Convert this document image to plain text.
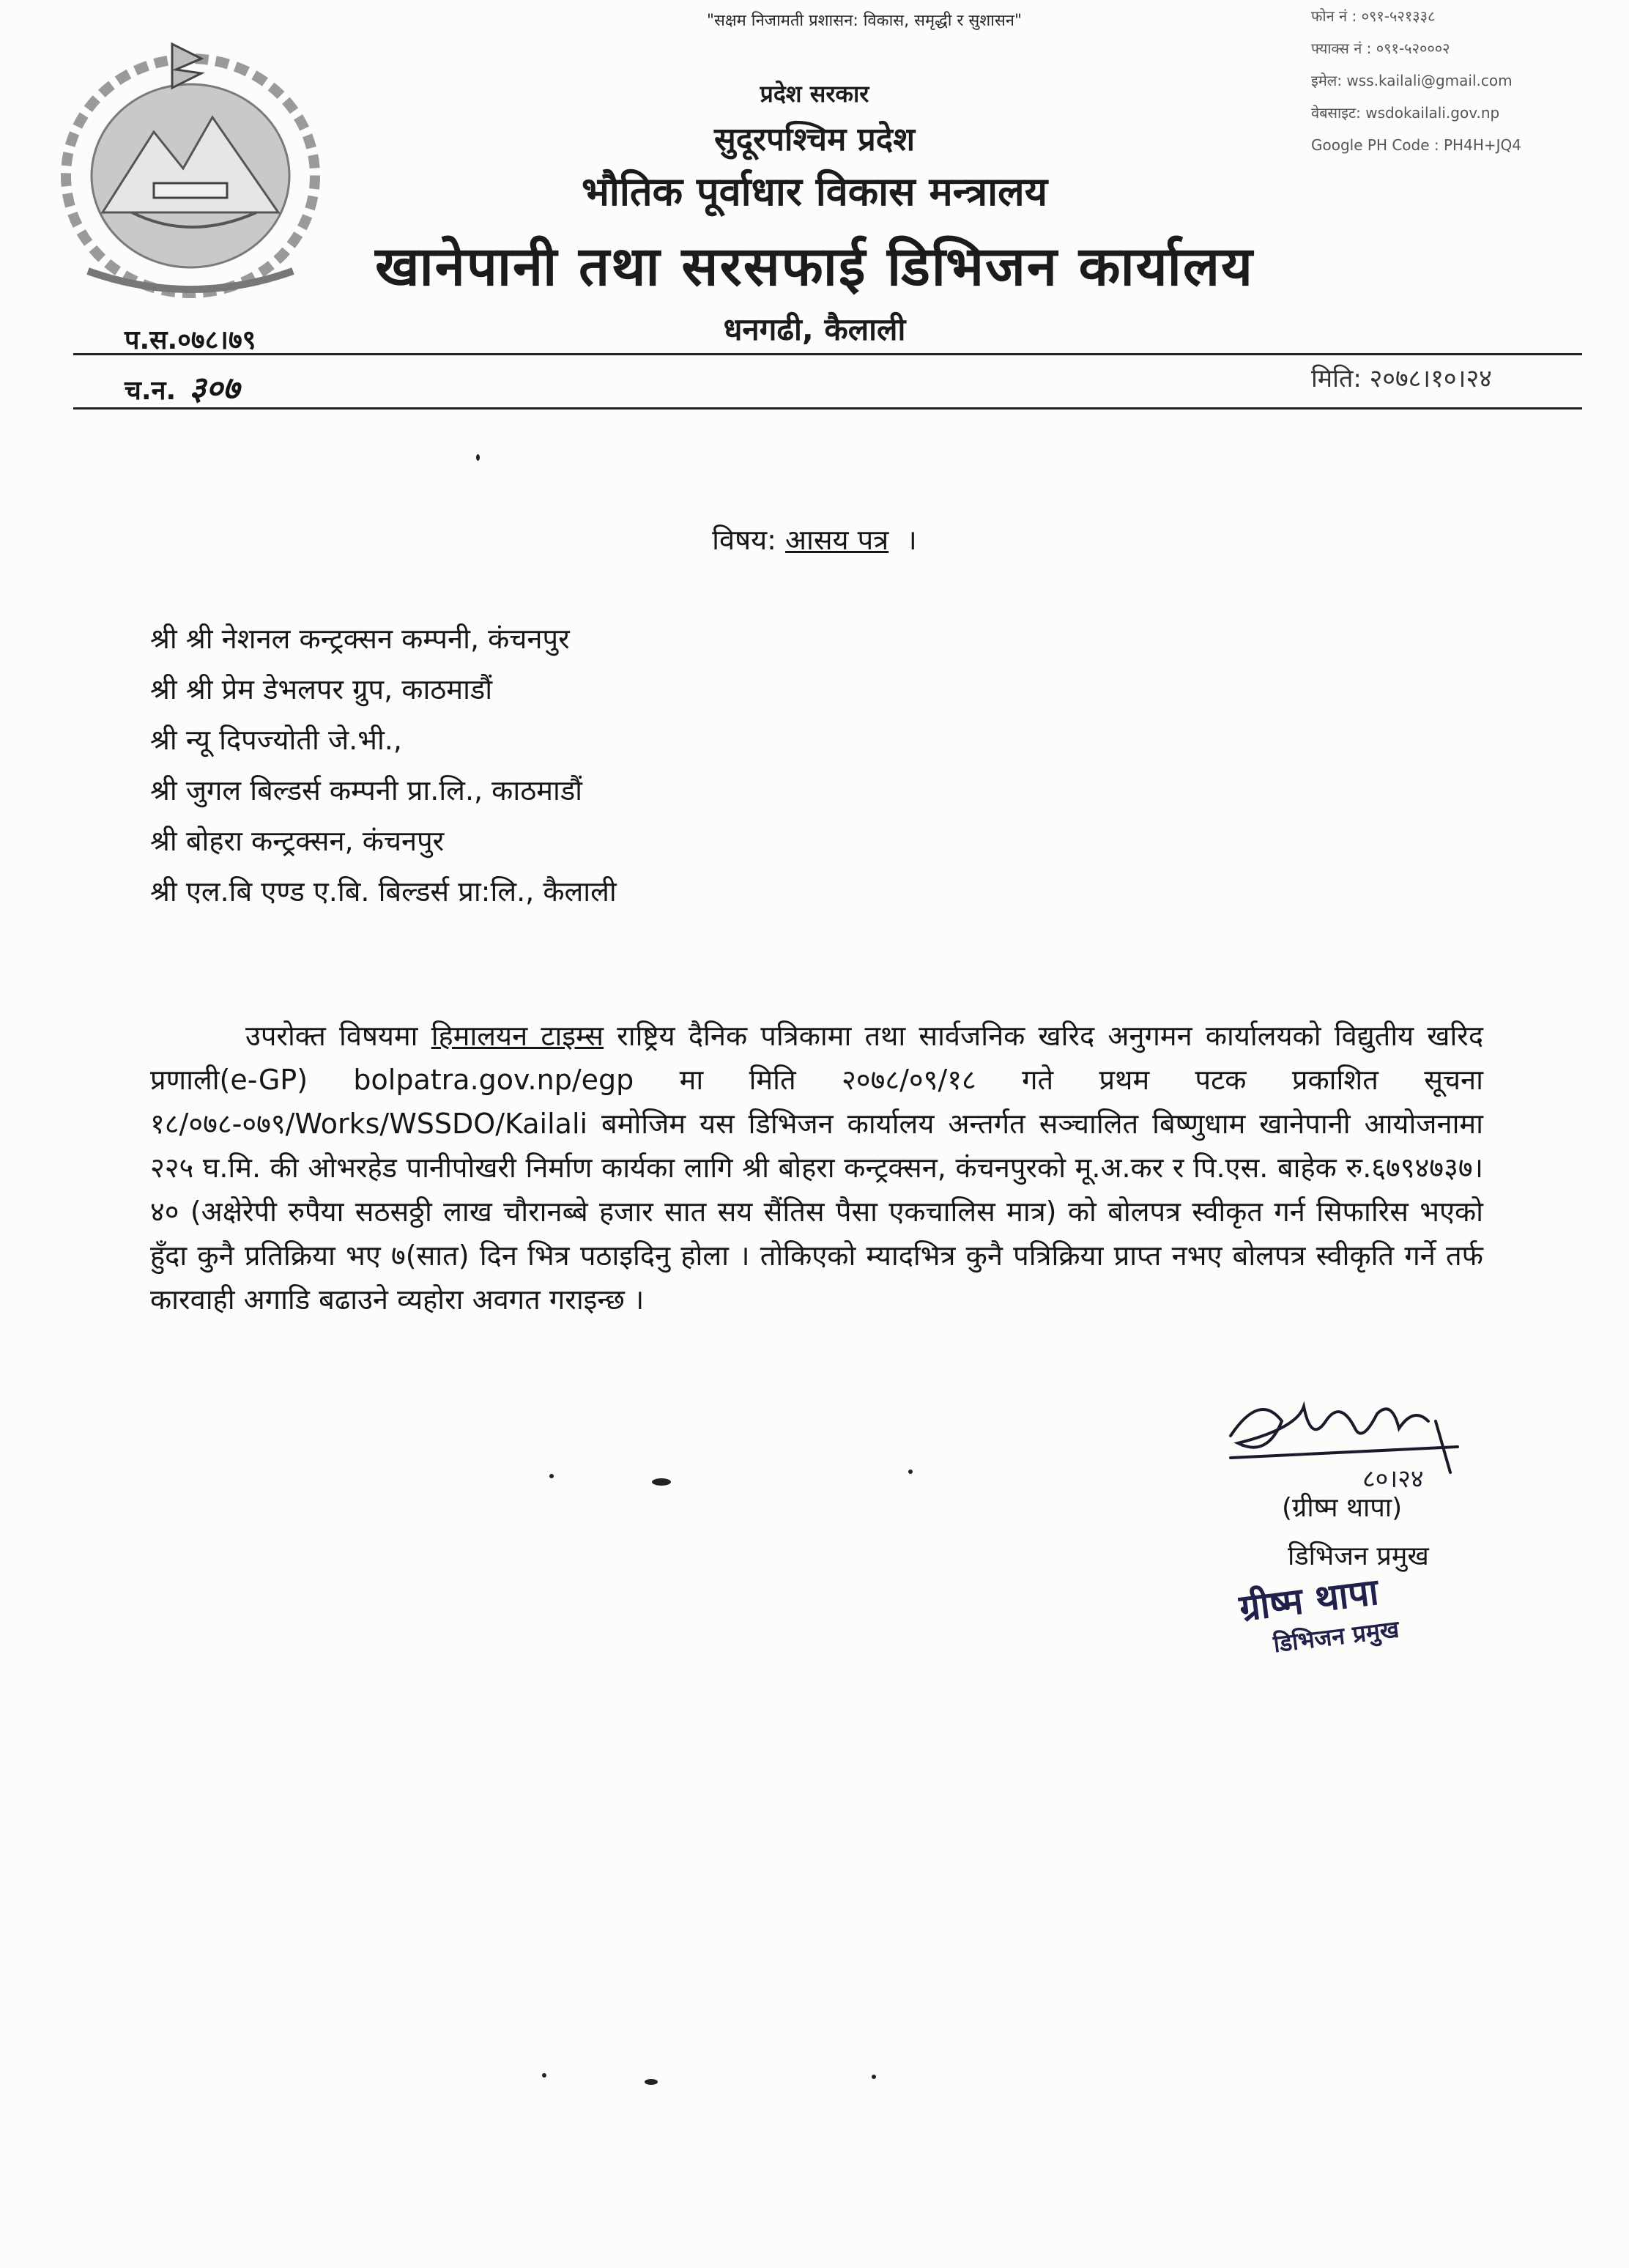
"सक्षम निजामती प्रशासन: विकास, समृद्धी र सुशासन"	फोन नं : ०९१-५२१३३८
फ्याक्स नं : ०९१-५२०००२
इमेल: wss.kailali@gmail.com
वेबसाइट: wsdokailali.gov.np
Google PH Code : PH4H+JQ4
प्रदेश सरकार
सुदूरपश्चिम प्रदेश
भौतिक पूर्वाधार विकास मन्त्रालय
खानेपानी तथा सरसफाई डिभिजन कार्यालय
धनगढी, कैलाली
प.स.०७८।७९
च.न. ३०७	मिति: २०७८।१०।२४
विषय: आसय पत्र ।
श्री श्री नेशनल कन्ट्रक्सन कम्पनी, कंचनपुर
श्री श्री प्रेम डेभलपर ग्रुप, काठमाडौं
श्री न्यू दिपज्योती जे.भी.,
श्री जुगल बिल्डर्स कम्पनी प्रा.लि., काठमाडौं
श्री बोहरा कन्ट्रक्सन, कंचनपुर
श्री एल.बि एण्ड ए.बि. बिल्डर्स प्रा:लि., कैलाली
उपरोक्त विषयमा हिमालयन टाइम्स राष्ट्रिय दैनिक पत्रिकामा तथा सार्वजनिक खरिद अनुगमन कार्यालयको विद्युतीय खरिद प्रणाली(e-GP) bolpatra.gov.np/egp मा मिति २०७८/०९/१८ गते प्रथम पटक प्रकाशित सूचना १८/०७८-०७९/Works/WSSDO/Kailali बमोजिम यस डिभिजन कार्यालय अन्तर्गत सञ्चालित बिष्णुधाम खानेपानी आयोजनामा २२५ घ.मि. की ओभरहेड पानीपोखरी निर्माण कार्यका लागि श्री बोहरा कन्ट्रक्सन, कंचनपुरको मू.अ.कर र पि.एस. बाहेक रु.६७९४७३७।४० (अक्षेरेपी रुपैया सठसठ्ठी लाख चौरानब्बे हजार सात सय सैंतिस पैसा एकचालिस मात्र) को बोलपत्र स्वीकृत गर्न सिफारिस भएको हुँदा कुनै प्रतिक्रिया भए ७(सात) दिन भित्र पठाइदिनु होला । तोकिएको म्यादभित्र कुनै पत्रिक्रिया प्राप्त नभए बोलपत्र स्वीकृति गर्ने तर्फ कारवाही अगाडि बढाउने व्यहोरा अवगत गराइन्छ ।
८०।२४
(ग्रीष्म थापा)
डिभिजन प्रमुख
ग्रीष्म थापा
डिभिजन प्रमुख
